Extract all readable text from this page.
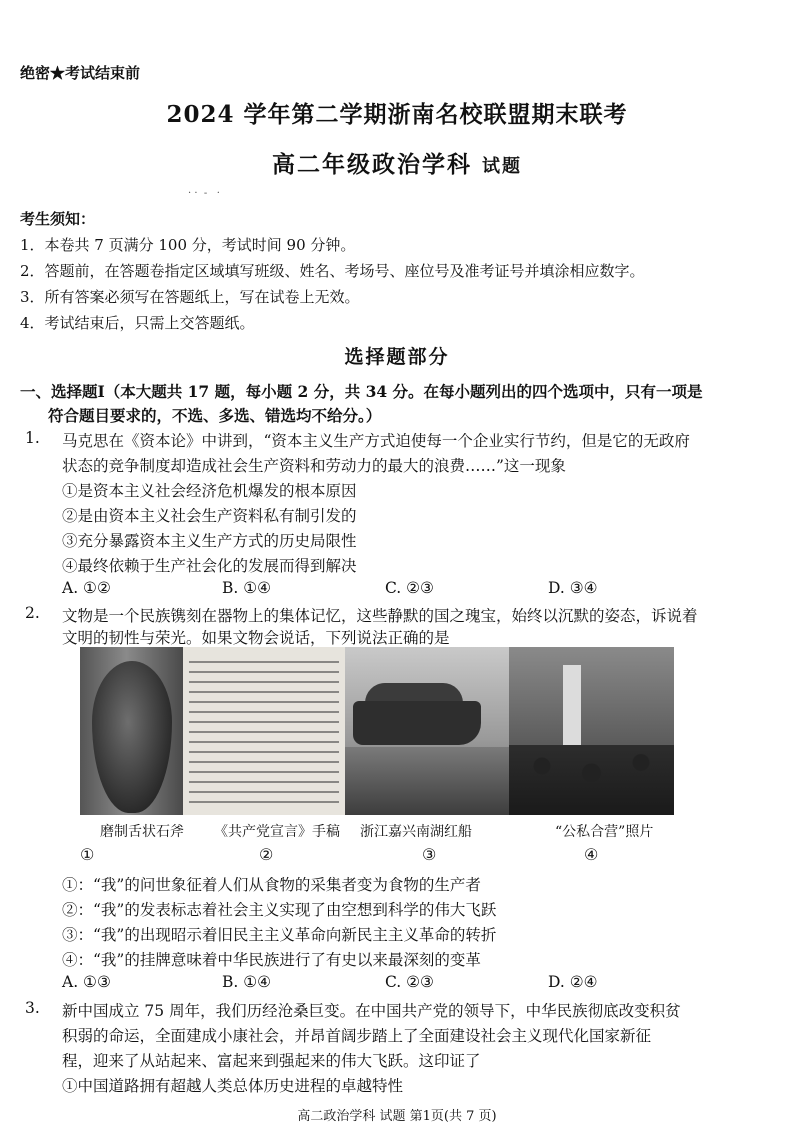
绝密★考试结束前
2024 学年第二学期浙南名校联盟期末联考
高二年级政治学科 试题
· ·  -   ·
考生须知：
1．本卷共 7 页满分 100 分，考试时间 90 分钟。
2．答题前，在答题卷指定区域填写班级、姓名、考场号、座位号及准考证号并填涂相应数字。
3．所有答案必须写在答题纸上，写在试卷上无效。
4．考试结束后，只需上交答题纸。
选择题部分
一、选择题Ⅰ（本大题共 17 题，每小题 2 分，共 34 分。在每小题列出的四个选项中，只有一项是
符合题目要求的，不选、多选、错选均不给分。）
1. 马克思在《资本论》中讲到，“资本主义生产方式迫使每一个企业实行节约，但是它的无政府
状态的竞争制度却造成社会生产资料和劳动力的最大的浪费……”这一现象
①是资本主义社会经济危机爆发的根本原因
②是由资本主义社会生产资料私有制引发的
③充分暴露资本主义生产方式的历史局限性
④最终依赖于生产社会化的发展而得到解决
A. ①②	B. ①④	C. ②③	D. ③④
2. 文物是一个民族镌刻在器物上的集体记忆，这些静默的国之瑰宝，始终以沉默的姿态，诉说着
文明的韧性与荣光。如果文物会说话，下列说法正确的是
磨制舌状石斧 《共产党宣言》手稿 浙江嘉兴南湖红船	“公私合营”照片
①	②	③	④
①：“我”的问世象征着人们从食物的采集者变为食物的生产者
②：“我”的发表标志着社会主义实现了由空想到科学的伟大飞跃
③：“我”的出现昭示着旧民主主义革命向新民主主义革命的转折
④：“我”的挂牌意味着中华民族进行了有史以来最深刻的变革
A. ①③	B. ①④	C. ②③	D. ②④
3. 新中国成立 75 周年，我们历经沧桑巨变。在中国共产党的领导下，中华民族彻底改变积贫
积弱的命运，全面建成小康社会，并昂首阔步踏上了全面建设社会主义现代化国家新征
程，迎来了从站起来、富起来到强起来的伟大飞跃。这印证了
①中国道路拥有超越人类总体历史进程的卓越特性
高二政治学科 试题 第1页(共 7 页)
